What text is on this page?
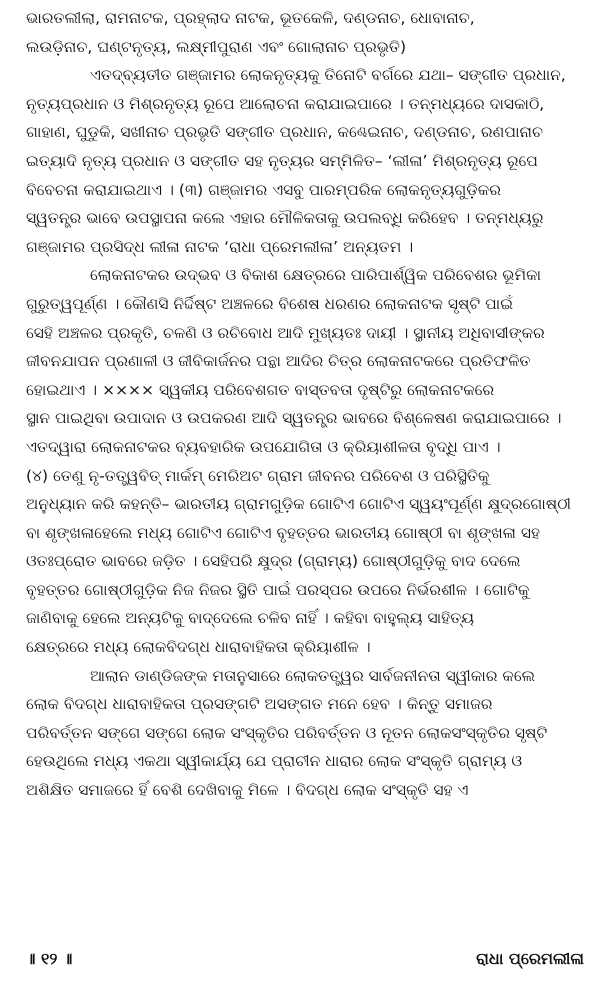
ଭାରତଲୀଲା, ରାମନାଟକ, ପ୍ରହ୍ଲାଦ ନାଟକ, ଭୂତକେଳି, ଦଣ୍ଡନାଚ, ଧୋବାନାଚ,
ଲଉଡ଼ିନାଚ, ଘଣ୍ଟନୃତ୍ୟ, ଲକ୍ଷ୍ମୀପୁରାଣ ଏବଂ ଗୋଲାନାଚ ପ୍ରଭୃତି)
ଏତଦ୍‌ବ୍ୟତୀତ ଗଞ୍ଜାମର ଲୋକନୃତ୍ୟକୁ ତିନୋଟି ବର୍ଗରେ ଯଥା– ସଙ୍ଗୀତ ପ୍ରଧାନ,
ନୃତ୍ୟପ୍ରଧାନ ଓ ମିଶ୍ରନୃତ୍ୟ ରୂପେ ଆଲୋଚନା କରାଯାଇପାରେ । ତନ୍ମଧ୍ୟରେ ଦାସକାଠି,
ଗାହାଣ, ଘୁଡୁକି, ସଖୀନାଚ ପ୍ରଭୃତି ସଙ୍ଗୀତ ପ୍ରଧାନ, କଣ୍ଢେଇନାଚ, ଦଣ୍ଡନାଚ, ରଣପାନାଚ
ଇତ୍ୟାଦି ନୃତ୍ୟ ପ୍ରଧାନ ଓ ସଙ୍ଗୀତ ସହ ନୃତ୍ୟର ସମ୍ମିଳିତ– ‘ଲୀଳା’ ମିଶ୍ରନୃତ୍ୟ ରୂପେ
ବିବେଚନା କରାଯାଇଥାଏ । (୩) ଗଞ୍ଜାମର ଏସବୁ ପାରମ୍ପରିକ ଲୋକନୃତ୍ୟଗୁଡ଼ିକର
ସ୍ୱତନ୍ତ୍ର ଭାବେ ଉପସ୍ଥାପନା କଲେ ଏହାର ମୌଳିକତାକୁ ଉପଲବ୍ଧି କରିହେବ । ତନ୍ମଧ୍ୟରୁ
ଗଞ୍ଜାମର ପ୍ରସିଦ୍ଧ ଲୀଳା ନାଟକ ‘ରାଧା ପ୍ରେମଲୀଳା’ ଅନ୍ୟତମ ।
ଲୋକନାଟକର ଉଦ୍ଭବ ଓ ବିକାଶ କ୍ଷେତ୍ରରେ ପାରିପାର୍ଶ୍ୱିକ ପରିବେଶର ଭୂମିକା
ଗୁରୁତ୍ୱପୂର୍ଣ୍ଣ । କୌଣସି ନିର୍ଦ୍ଦିଷ୍ଟ ଅଞ୍ଚଳରେ ବିଶେଷ ଧରଣର ଲୋକନାଟକ ସୃଷ୍ଟି ପାଇଁ
ସେହି ଅଞ୍ଚଳର ପ୍ରକୃତି, ଚଳଣି ଓ ରଚିବୋଧ ଆଦି ମୁଖ୍ୟତଃ ଦାୟୀ । ସ୍ଥାନୀୟ ଅଧିବାସୀଙ୍କର
ଜୀବନଯାପନ ପ୍ରଣାଳୀ ଓ ଜୀବିକାର୍ଜନର ପନ୍ଥା ଆଦିର ଚିତ୍ର ଲୋକନାଟକରେ ପ୍ରତିଫଳିତ
ହୋଇଥାଏ । ×××× ସ୍ୱକୀୟ ପରିବେଶଗତ ବାସ୍ତବତା ଦୃଷ୍ଟିରୁ ଲୋକନାଟକରେ
ସ୍ଥାନ ପାଇଥିବା ଉପାଦାନ ଓ ଉପକରଣ ଆଦି ସ୍ୱତନ୍ତ୍ର ଭାବରେ ବିଶ୍ଳେଷଣ କରାଯାଇପାରେ ।
ଏତଦ୍ୱାରା ଲୋକନାଟକର ବ୍ୟବହାରିକ ଉପଯୋଗିତା ଓ କ୍ରିୟାଶୀଳତା ବୃଦ୍ଧି ପାଏ ।
(୪) ତେଣୁ ନୃ-ତତ୍ତ୍ୱବିତ୍ ମାର୍କମ୍ ମେରିଅଟ ଗ୍ରାମ ଜୀବନର ପରିବେଶ ଓ ପରିସ୍ଥିତିକୁ
ଅନୁଧ୍ୟାନ କରି କହନ୍ତି– ଭାରତୀୟ ଗ୍ରାମଗୁଡ଼ିକ ଗୋଟିଏ ଗୋଟିଏ ସ୍ୱୟଂପୂର୍ଣ୍ଣ କ୍ଷୁଦ୍ରଗୋଷ୍ଠୀ
ବା ଶୃଙ୍ଖଳାହେଲେ ମଧ୍ୟ ଗୋଟିଏ ଗୋଟିଏ ବୃହତ୍ତର ଭାରତୀୟ ଗୋଷ୍ଠୀ ବା ଶୃଙ୍ଖଳା ସହ
ଓତଃପ୍ରୋତ ଭାବରେ ଜଡ଼ିତ । ସେହିପରି କ୍ଷୁଦ୍ର (ଗ୍ରାମ୍ୟ) ଗୋଷ୍ଠୀଗୁଡ଼ିକୁ ବାଦ ଦେଲେ
ବୃହତ୍ତର ଗୋଷ୍ଠୀଗୁଡ଼ିକ ନିଜ ନିଜର ସ୍ଥିତି ପାଇଁ ପରସ୍ପର ଉପରେ ନିର୍ଭରଶୀଳ । ଗୋଟିକୁ
ଜାଣିବାକୁ ହେଲେ ଅନ୍ୟଟିକୁ ବାଦ୍‌ଦେଲେ ଚଳିବ ନାହିଁ । କହିବା ବାହୁଲ୍ୟ ସାହିତ୍ୟ
କ୍ଷେତ୍ରରେ ମଧ୍ୟ ଲୋକବିଦଗ୍ଧ ଧାରାବାହିକତା କ୍ରିୟାଶୀଳ ।
ଆଲାନ ଡାଣ୍ଡିଜଙ୍କ ମତାନୁସାରେ ଲୋକତତ୍ତ୍ୱର ସାର୍ବଜନୀନତା ସ୍ୱୀକାର କଲେ
ଲୋକ ବିଦଗ୍ଧ ଧାରାବାହିକତା ପ୍ରସଙ୍ଗଟି ଅସଙ୍ଗତ ମନେ ହେବ । କିନ୍ତୁ ସମାଜର
ପରିବର୍ତ୍ତନ ସଙ୍ଗେ ସଙ୍ଗେ ଲୋକ ସଂସ୍କୃତିର ପରିବର୍ତ୍ତନ ଓ ନୂତନ ଲୋକସଂସ୍କୃତିର ସୃଷ୍ଟି
ହେଉଥିଲେ ମଧ୍ୟ ଏକଥା ସ୍ୱୀକାର୍ଯ୍ୟ ଯେ ପ୍ରାଚୀନ ଧାରାର ଲୋକ ସଂସ୍କୃତି ଗ୍ରାମ୍ୟ ଓ
ଅଶିକ୍ଷିତ ସମାଜରେ ହିଁ ବେଶି ଦେଖିବାକୁ ମିଳେ । ବିଦଗ୍ଧ ଲୋକ ସଂସ୍କୃତି ସହ ଏ
॥ ୧୨ ॥	ରାଧା ପ୍ରେମଲୀଳା
